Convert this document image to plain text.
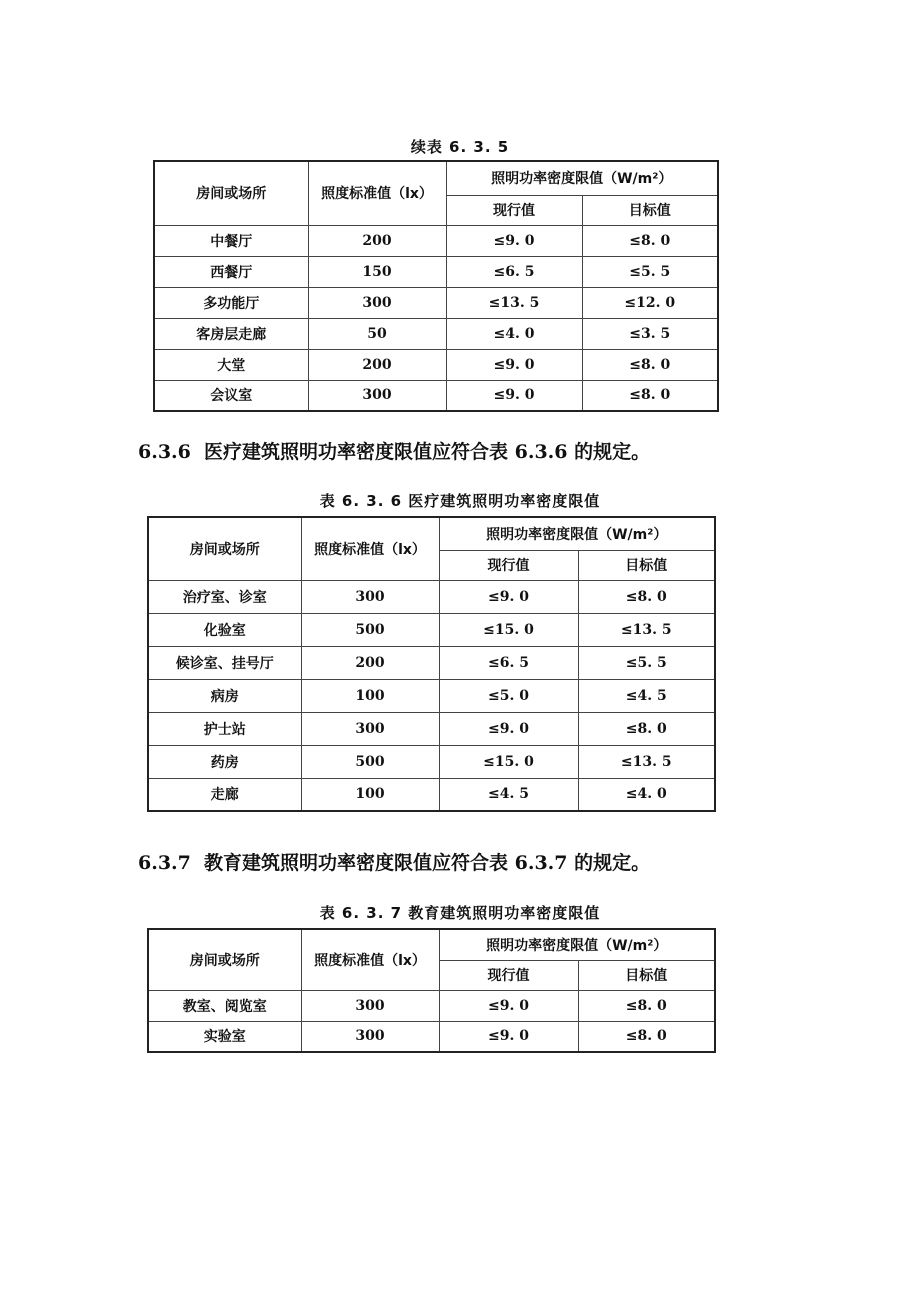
续表 6. 3. 5
房间或场所	照度标准值（lx）	照明功率密度限值（W/m²）	
		现行值	目标值
中餐厅	200	≤9. 0	≤8. 0
西餐厅	150	≤6. 5	≤5. 5
多功能厅	300	≤13. 5	≤12. 0
客房层走廊	50	≤4. 0	≤3. 5
大堂	200	≤9. 0	≤8. 0
会议室	300	≤9. 0	≤8. 0
6.3.6 医疗建筑照明功率密度限值应符合表 6.3.6 的规定。
表 6. 3. 6 医疗建筑照明功率密度限值
房间或场所	照度标准值（lx）	照明功率密度限值（W/m²）	
		现行值	目标值
治疗室、诊室	300	≤9. 0	≤8. 0
化验室	500	≤15. 0	≤13. 5
候诊室、挂号厅	200	≤6. 5	≤5. 5
病房	100	≤5. 0	≤4. 5
护士站	300	≤9. 0	≤8. 0
药房	500	≤15. 0	≤13. 5
走廊	100	≤4. 5	≤4. 0
6.3.7 教育建筑照明功率密度限值应符合表 6.3.7 的规定。
表 6. 3. 7 教育建筑照明功率密度限值
房间或场所	照度标准值（lx）	照明功率密度限值（W/m²）	
		现行值	目标值
教室、阅览室	300	≤9. 0	≤8. 0
实验室	300	≤9. 0	≤8. 0
